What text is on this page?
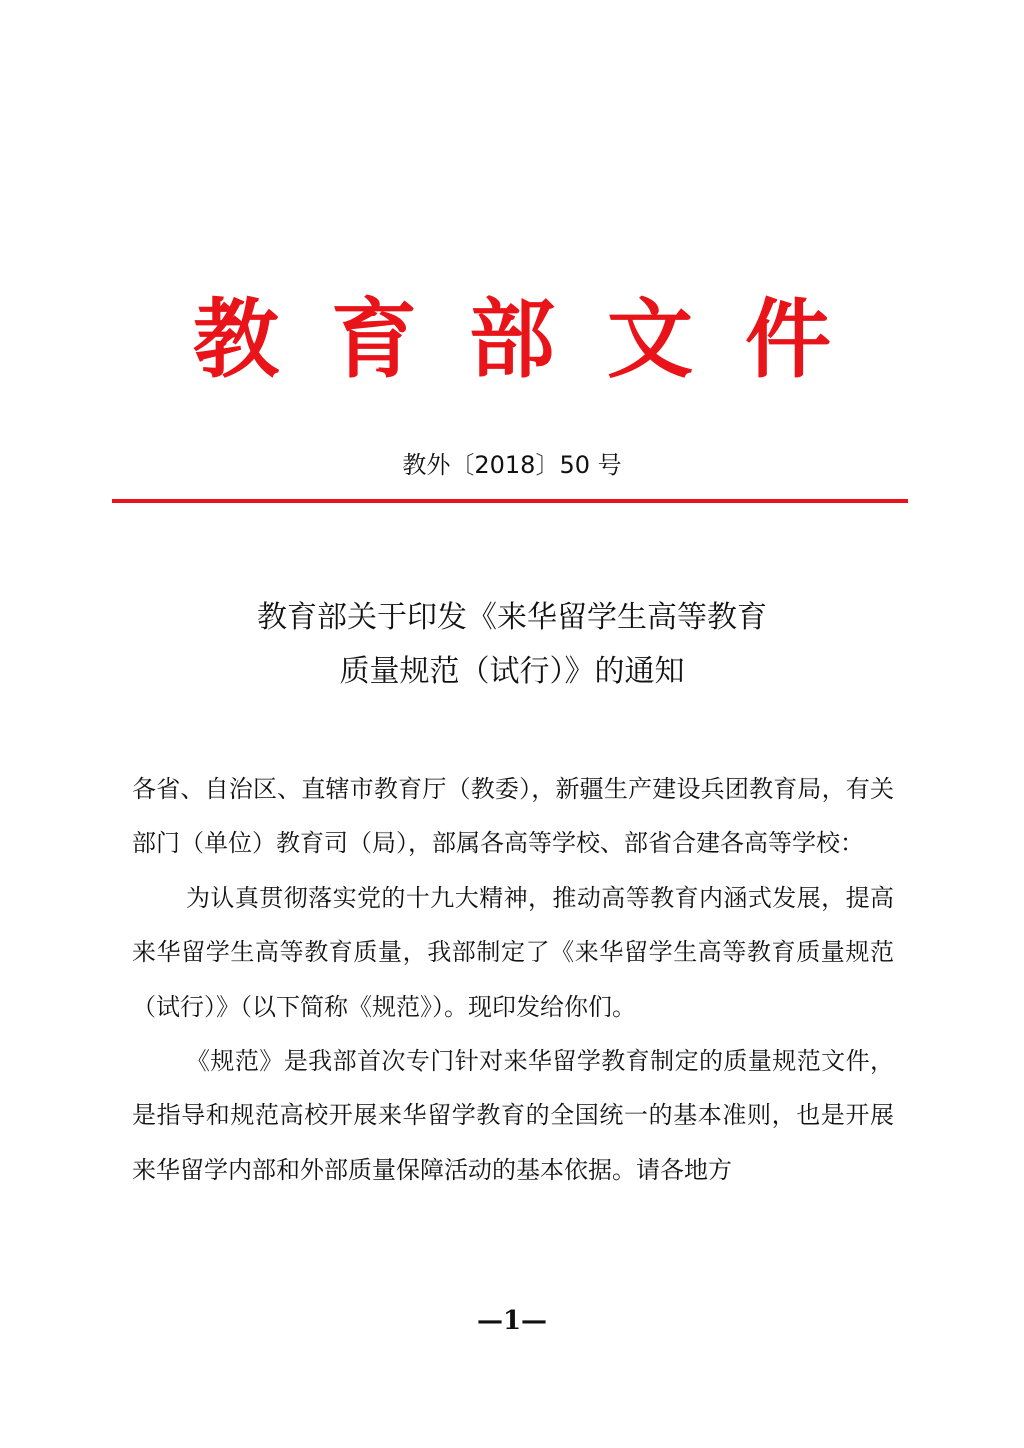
教育部文件
教外〔2018〕50 号
教育部关于印发《来华留学生高等教育
质量规范（试行）》的通知

各省、自治区、直辖市教育厅（教委），新疆生产建设兵团教育局，有关部门（单位）教育司（局），部属各高等学校、部省合建各高等学校：

为认真贯彻落实党的十九大精神，推动高等教育内涵式发展，提高来华留学生高等教育质量，我部制定了《来华留学生高等教育质量规范（试行）》（以下简称《规范》）。现印发给你们。

《规范》是我部首次专门针对来华留学教育制定的质量规范文件，是指导和规范高校开展来华留学教育的全国统一的基本准则，也是开展来华留学内部和外部质量保障活动的基本依据。请各地方

—1—
